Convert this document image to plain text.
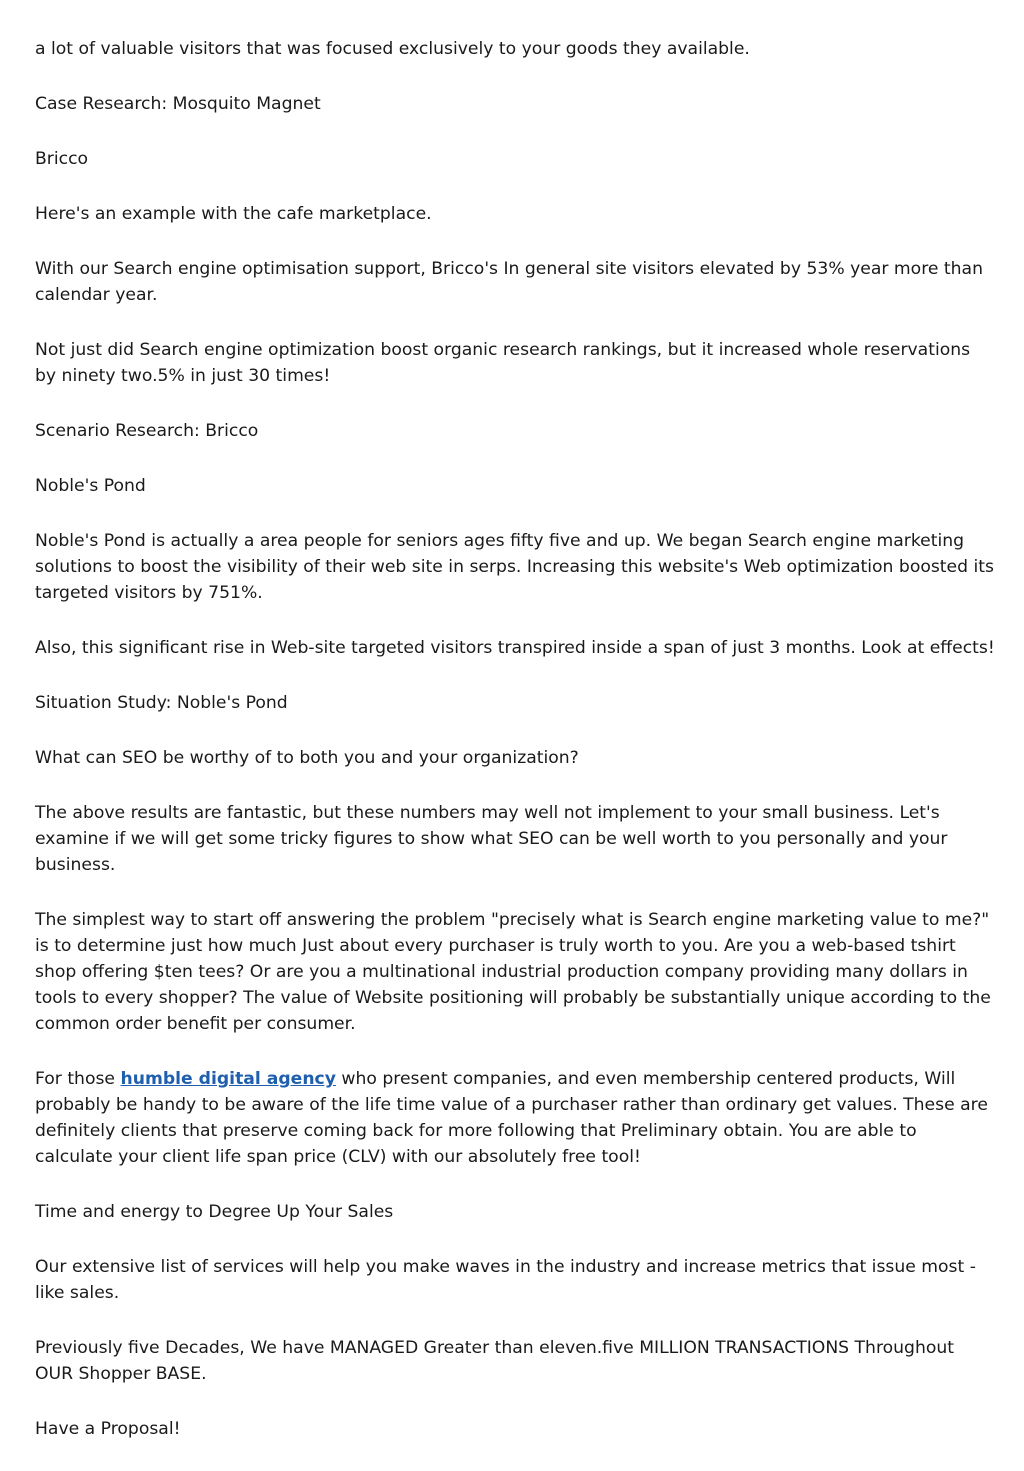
a lot of valuable visitors that was focused exclusively to your goods they available.

Case Research: Mosquito Magnet

Bricco

Here's an example with the cafe marketplace.

With our Search engine optimisation support, Bricco's In general site visitors elevated by 53% year more than calendar year.

Not just did Search engine optimization boost organic research rankings, but it increased whole reservations by ninety two.5% in just 30 times!

Scenario Research: Bricco

Noble's Pond

Noble's Pond is actually a area people for seniors ages fifty five and up. We began Search engine marketing solutions to boost the visibility of their web site in serps. Increasing this website's Web optimization boosted its targeted visitors by 751%.

Also, this significant rise in Web-site targeted visitors transpired inside a span of just 3 months. Look at effects!

Situation Study: Noble's Pond

What can SEO be worthy of to both you and your organization?

The above results are fantastic, but these numbers may well not implement to your small business. Let's examine if we will get some tricky figures to show what SEO can be well worth to you personally and your business.

The simplest way to start off answering the problem "precisely what is Search engine marketing value to me?" is to determine just how much Just about every purchaser is truly worth to you. Are you a web-based tshirt shop offering $ten tees? Or are you a multinational industrial production company providing many dollars in tools to every shopper? The value of Website positioning will probably be substantially unique according to the common order benefit per consumer.

For those humble digital agency who present companies, and even membership centered products, Will probably be handy to be aware of the life time value of a purchaser rather than ordinary get values. These are definitely clients that preserve coming back for more following that Preliminary obtain. You are able to calculate your client life span price (CLV) with our absolutely free tool!

Time and energy to Degree Up Your Sales

Our extensive list of services will help you make waves in the industry and increase metrics that issue most - like sales.

Previously five Decades, We have MANAGED Greater than eleven.five MILLION TRANSACTIONS Throughout OUR Shopper BASE.

Have a Proposal!
